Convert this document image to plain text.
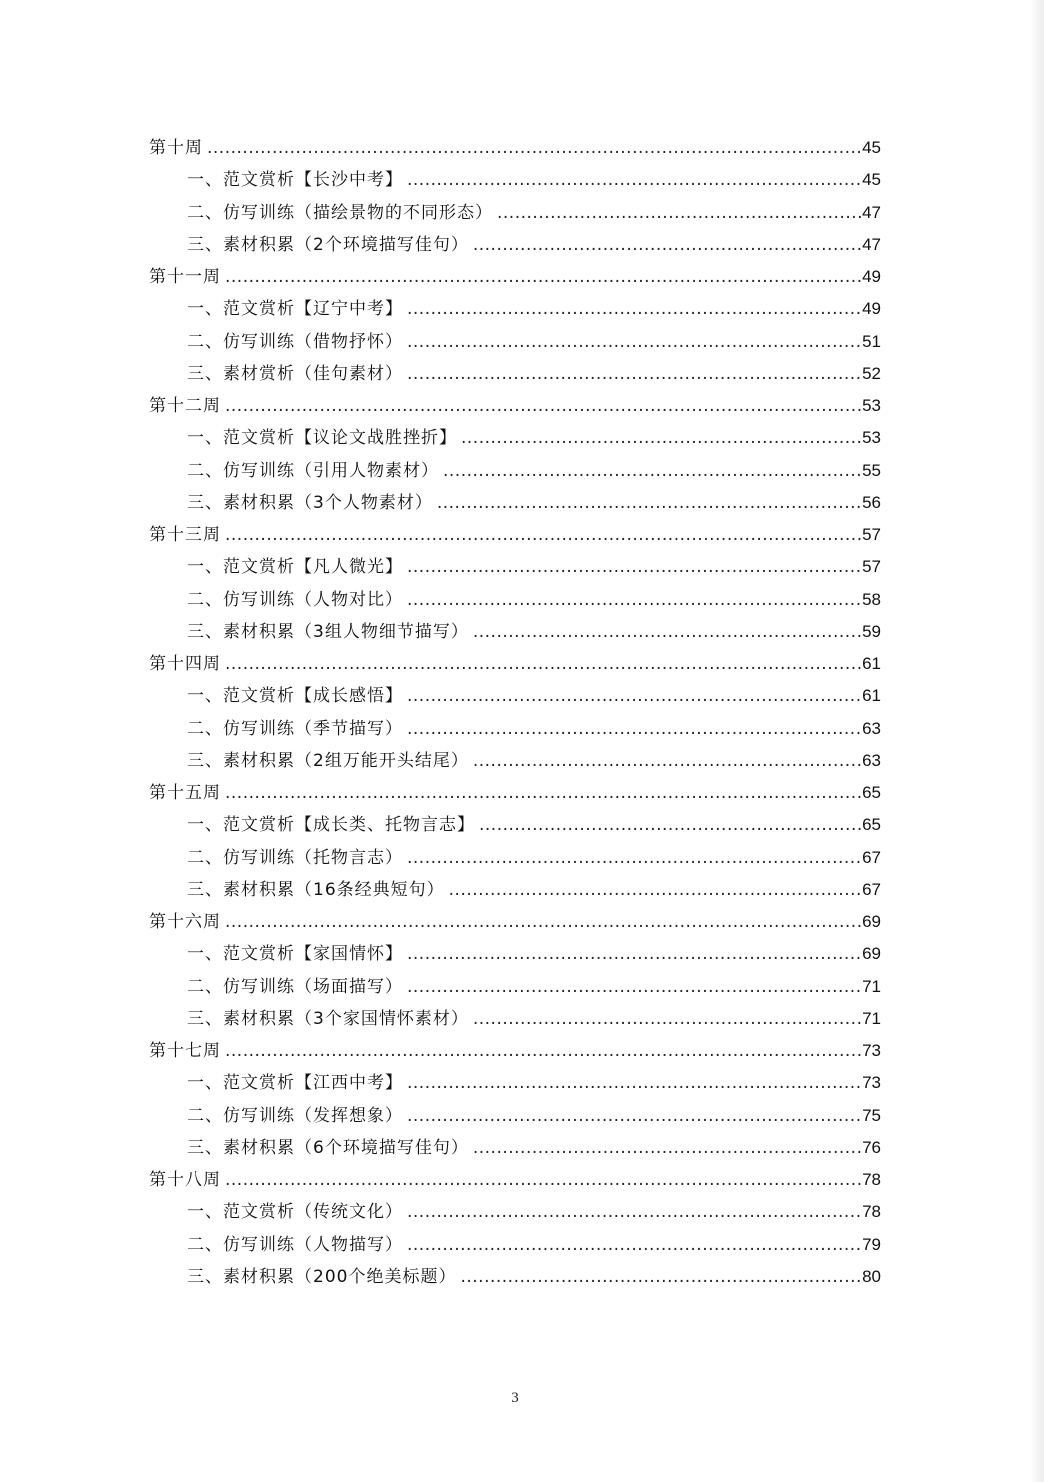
第十周 .....	45
一、范文赏析【长沙中考】 .....	45
二、仿写训练（描绘景物的不同形态） .....	47
三、素材积累（2个环境描写佳句） .....	47
第十一周 .....	49
一、范文赏析【辽宁中考】 .....	49
二、仿写训练（借物抒怀） .....	51
三、素材赏析（佳句素材） .....	52
第十二周 .....	53
一、范文赏析【议论文战胜挫折】 .....	53
二、仿写训练（引用人物素材） .....	55
三、素材积累（3个人物素材） .....	56
第十三周 .....	57
一、范文赏析【凡人微光】 .....	57
二、仿写训练（人物对比） .....	58
三、素材积累（3组人物细节描写） .....	59
第十四周 .....	61
一、范文赏析【成长感悟】 .....	61
二、仿写训练（季节描写） .....	63
三、素材积累（2组万能开头结尾） .....	63
第十五周 .....	65
一、范文赏析【成长类、托物言志】 .....	65
二、仿写训练（托物言志） .....	67
三、素材积累（16条经典短句） .....	67
第十六周 .....	69
一、范文赏析【家国情怀】 .....	69
二、仿写训练（场面描写） .....	71
三、素材积累（3个家国情怀素材） .....	71
第十七周 .....	73
一、范文赏析【江西中考】 .....	73
二、仿写训练（发挥想象） .....	75
三、素材积累（6个环境描写佳句） .....	76
第十八周 .....	78
一、范文赏析（传统文化） .....	78
二、仿写训练（人物描写） .....	79
三、素材积累（200个绝美标题） .....	80
3
